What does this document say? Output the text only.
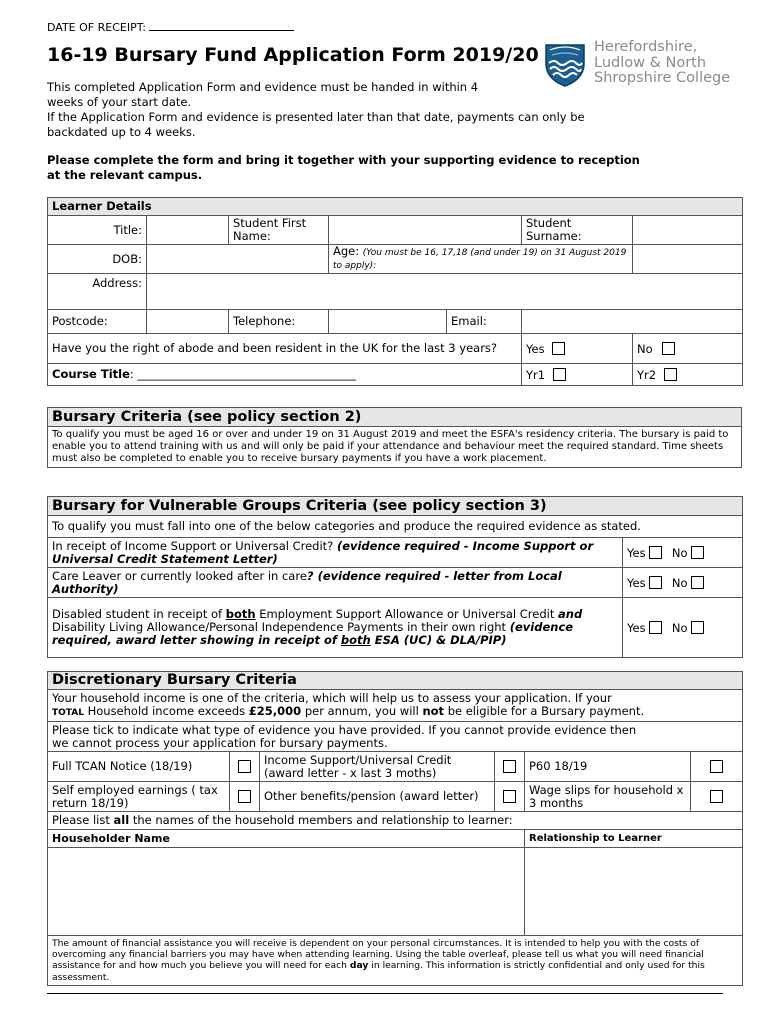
DATE OF RECEIPT:
16-19 Bursary Fund Application Form 2019/20	Herefordshire,
Ludlow & North
Shropshire College
This completed Application Form and evidence must be handed in within 4
weeks of your start date.
If the Application Form and evidence is presented later than that date, payments can only be
backdated up to 4 weeks.
Please complete the form and bring it together with your supporting evidence to reception
at the relevant campus.
Learner Details						
Title:		Student First Name:			Student Surname:	
DOB:			Age: (You must be 16, 17,18 (and under 19) on 31 August 2019 to apply):			
Address:						
Postcode:		Telephone:		Email:		
Have you the right of abode and been resident in the UK for the last 3 years?					Yes	No
Course Title: ______________________________________					Yr1	Yr2
Bursary Criteria (see policy section 2)
To qualify you must be aged 16 or over and under 19 on 31 August 2019 and meet the ESFA's residency criteria. The bursary is paid to enable you to attend training with us and will only be paid if your attendance and behaviour meet the required standard. Time sheets must also be completed to enable you to receive bursary payments if you have a work placement.
Bursary for Vulnerable Groups Criteria (see policy section 3)	
To qualify you must fall into one of the below categories and produce the required evidence as stated.	
In receipt of Income Support or Universal Credit? (evidence required - Income Support or Universal Credit Statement Letter)	Yes No
Care Leaver or currently looked after in care? (evidence required - letter from Local Authority)	Yes No
Disabled student in receipt of both Employment Support Allowance or Universal Credit and Disability Living Allowance/Personal Independence Payments in their own right (evidence required, award letter showing in receipt of both ESA (UC) & DLA/PIP)	Yes No
Discretionary Bursary Criteria					

Your household income is one of the criteria, which will help us to assess your application. If your
TOTAL Household income exceeds £25,000 per annum, you will not be eligible for a Bursary payment.					

Please tick to indicate what type of evidence you have provided. If you cannot provide evidence then
we cannot process your application for bursary payments.					

Full TCAN Notice (18/19)		Income Support/Universal Credit (award letter - x last 3 moths)		P60 18/19	
Self employed earnings ( tax return 18/19)		Other benefits/pension (award letter)		Wage slips for household x 3 months	
Please list all the names of the household members and relationship to learner:					
Householder Name				Relationship to Learner	

The amount of financial assistance you will receive is dependent on your personal circumstances. It is intended to help you with the costs of overcoming any financial barriers you may have when attending learning. Using the table overleaf, please tell us what you will need financial assistance for and how much you believe you will need for each day in learning. This information is strictly confidential and only used for this assessment.					
